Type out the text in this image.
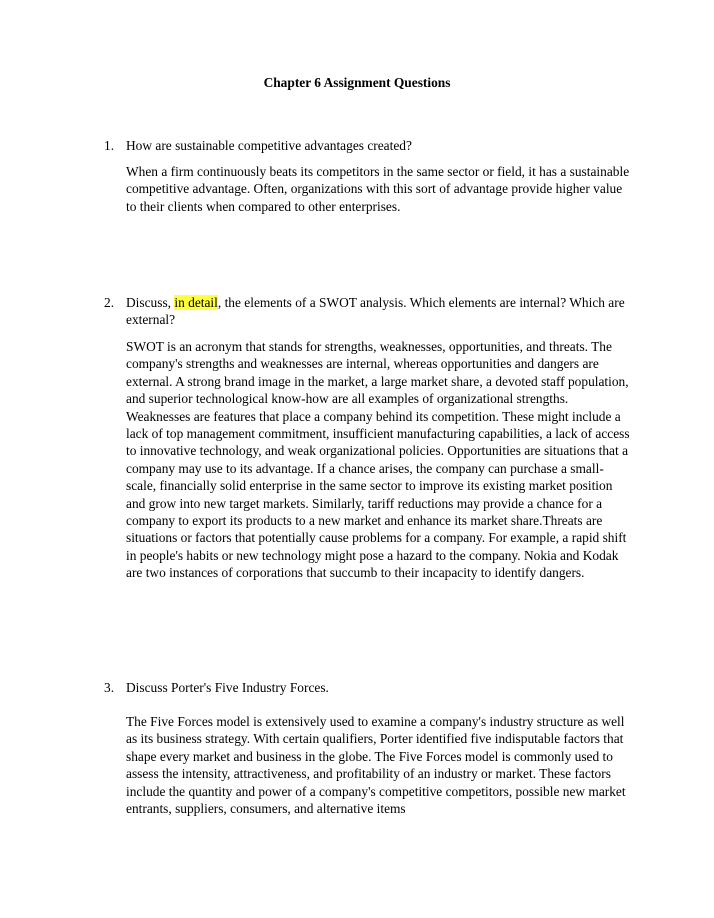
Chapter 6 Assignment Questions
1. How are sustainable competitive advantages created?

When a firm continuously beats its competitors in the same sector or field, it has a sustainable competitive advantage. Often, organizations with this sort of advantage provide higher value to their clients when compared to other enterprises.

2. Discuss, in detail, the elements of a SWOT analysis. Which elements are internal? Which are external?

SWOT is an acronym that stands for strengths, weaknesses, opportunities, and threats. The company's strengths and weaknesses are internal, whereas opportunities and dangers are external. A strong brand image in the market, a large market share, a devoted staff population, and superior technological know-how are all examples of organizational strengths. Weaknesses are features that place a company behind its competition. These might include a lack of top management commitment, insufficient manufacturing capabilities, a lack of access to innovative technology, and weak organizational policies. Opportunities are situations that a company may use to its advantage. If a chance arises, the company can purchase a small-scale, financially solid enterprise in the same sector to improve its existing market position and grow into new target markets. Similarly, tariff reductions may provide a chance for a company to export its products to a new market and enhance its market share.Threats are situations or factors that potentially cause problems for a company. For example, a rapid shift in people's habits or new technology might pose a hazard to the company. Nokia and Kodak are two instances of corporations that succumb to their incapacity to identify dangers.

3. Discuss Porter's Five Industry Forces.

The Five Forces model is extensively used to examine a company's industry structure as well as its business strategy. With certain qualifiers, Porter identified five indisputable factors that shape every market and business in the globe. The Five Forces model is commonly used to assess the intensity, attractiveness, and profitability of an industry or market. These factors include the quantity and power of a company's competitive competitors, possible new market entrants, suppliers, consumers, and alternative items
